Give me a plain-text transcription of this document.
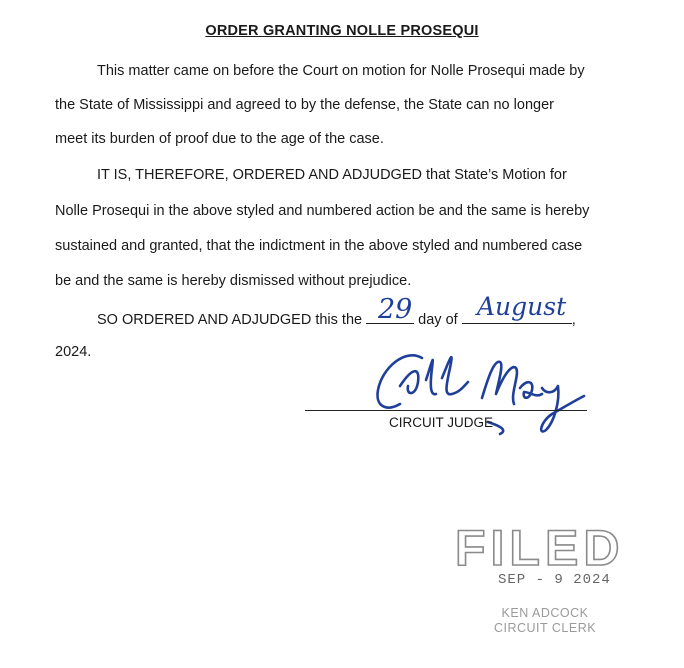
ORDER GRANTING NOLLE PROSEQUI
This matter came on before the Court on motion for Nolle Prosequi made by
the State of Mississippi and agreed to by the defense, the State can no longer
meet its burden of proof due to the age of the case.
IT IS, THEREFORE, ORDERED AND ADJUDGED that State’s Motion for
Nolle Prosequi in the above styled and numbered action be and the same is hereby
sustained and granted, that the indictment in the above styled and numbered case
be and the same is hereby dismissed without prejudice.
SO ORDERED AND ADJUDGED this the	day of	,
29	August
2024.
CIRCUIT JUDGE
FILED
SEP - 9 2024
KEN ADCOCK
CIRCUIT CLERK
